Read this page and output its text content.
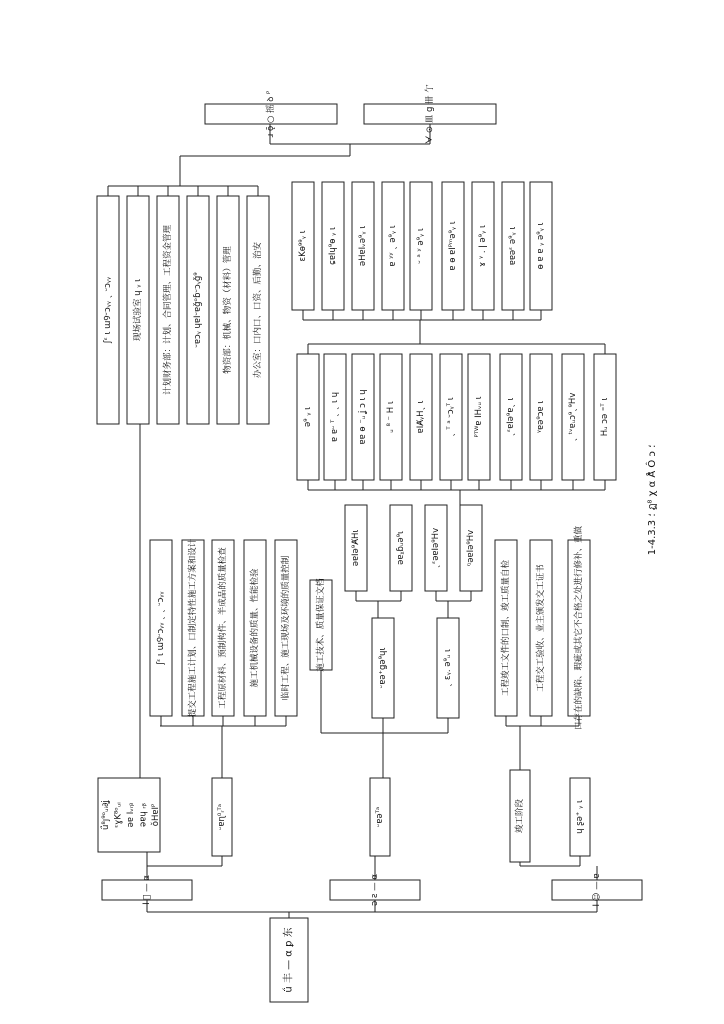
ǘ 丰 — α ꝑ 东
I ⃓ — α	ǝ ƨ — α	I ☺ — ɐ
ǘ⁸ȷ⁹ᵒᵤᵢ∂ʝ ᵋɣK⁸ᵒᵤᵢ ǝɐ Iᵥᵣᵦ ǝɐɥ ᵣᵦ ǒHɐIᴾ	ᵕɐɳ⁰ᵣᵀᵃ	ᵕɐǝᵀᵃ	竣工阶段	ɥ ʂǝ⁺ ᵧ ɩ
ʃᵋ ɩ ɯꝮᵕɔᵧᵧ ˎ ᵕɔᵧᵧ 现场试验室 ɥ ᵧ ɩ 计划财务部：计划、合同管理、工程资金管理 ᵕɐɔᵧ ɥɐIᵕɐǧᵒɓᵕɔᵧǧ⁹ 物资部：机械、物资（材料）管理 办公室：口内口、口资、后勤、治安
ɹ ǭ ○ 摇 ꝺ ᴾ	ᗄ ⊙ 皿 g 卌 亇
ʃᵋ ɩ ɯꝮᵕɔᵧᵧ ˎ ˎ ᵕɔᵧᵧ	提交工程施工计划、口制定特性施工方案和设计 工程原材料、预制构件、半成品的质量检查	施工机械设备的质量、性能检验 临时工程、施工现场及环境的质量控制	施工技术、质量保证文档	ᵕɐǝ⁺ǥǝ⁹ɥɩ	ˎ ɛᵧ. ǝ⁹ᵤ ɩ
ǝɐIǝ⁹ȺHɩ	ǝɐᵪɓᵤǝ⁹ɩ	ˎᵋǝɐIǝ⁹Hv	ᵑǝɐIǝ⁹Hv
工程竣工文件的口制、竣工质量自检	工程交工验收、业主颁发交工证书	口存在的缺陷、瑕疵或其它不合格之处进行修补、重做
ǝ⁹ ᵧ ɩ ɐ ɐᵕ ᵀ ˎ ˎ ɩ ɥ ɐɐ ɵ ⁻ᵤ ʝ ɔ ɩ ɥ ᵤ ⁸ ⁻ H ɩ ɐIȺᵧHˎ ɩ ˎ ᵀ ᵃ ᵕɔᵧᵀ ɩ ᴾᵀᵂɐ IHᵥᵤ ɩ	ˎᵋɐIǝ⁹ɐˎ ɩ ᵞɐǝ⁹ɔɐ ɩ	ˎ ᵗᵛɐᵤɔ⁹ˎ⁹Hv	Hᵤ ɔǝ ⁼ᵀ ɩ
ɛKɵ⁹⁹ᵧ ɩ ɕɐIɥ⁹ɵ ᵧ ɩ ǝHɐIᵥǝ⁹ᵧ ɩ ɐ ʸʸ ˎ ǝ⁹ᵧ ɩ ᵕ ᵃ ʸ ǝ⁹ᵧ ɩ	ɐ ɵ ɐIᴾᵐǝ⁹ᵧ ɩ ɤ ᵞ . ǀ ǝ⁹ᵧ ɩ ɐɐǝᵋ ǝ⁹ᵧ ɩ ɵ ɐ ɐ ᵧ ǝ⁹ᵧ ɩ
؛ 4.3.3-1 ฏ⁸ χ α Å̊ Ô ɔ ؛
